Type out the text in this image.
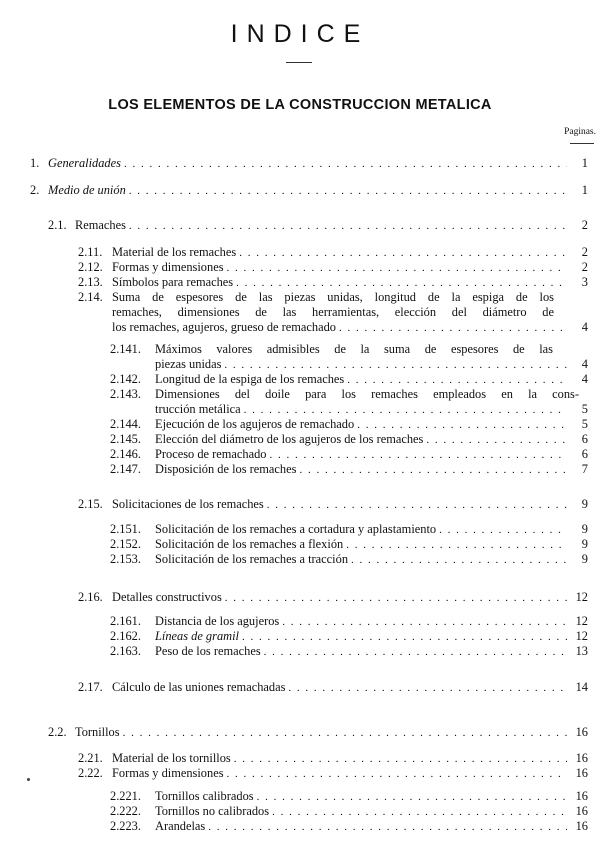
INDICE
LOS ELEMENTOS DE LA CONSTRUCCION METALICA
Paginas.
1. Generalidades . . .	1
2. Medio de unión . . .	1
2.1. Remaches . . .	2
2.11. Material de los remaches . . .	2
2.12. Formas y dimensiones . . .	2
2.13. Símbolos para remaches . . .	3
2.14. Suma de espesores de las piezas unidas, longitud de la espiga de los
remaches, dimensiones de las herramientas, elección del diámetro de
los remaches, agujeros, grueso de remachado . . .	4
2.141.	Máximos valores admisibles de la suma de espesores de las
piezas unidas . . .	4
2.142.	Longitud de la espiga de los remaches . . .	4
2.143.	Dimensiones del doile para los remaches empleados en la cons-
trucción metálica . . .	5
2.144.	Ejecución de los agujeros de remachado . . .	5
2.145.	Elección del diámetro de los agujeros de los remaches . . .	6
2.146.	Proceso de remachado . . .	6
2.147.	Disposición de los remaches . . .	7
2.15. Solicitaciones de los remaches . . .	9
2.151.	Solicitación de los remaches a cortadura y aplastamiento . . .	9
2.152.	Solicitación de los remaches a flexión . . .	9
2.153.	Solicitación de los remaches a tracción . . .	9
2.16. Detalles constructivos . . .	12
2.161.	Distancia de los agujeros . . .	12
2.162.	Líneas de gramil . . .	12
2.163.	Peso de los remaches . . .	13
2.17. Cálculo de las uniones remachadas . . .	14
2.2. Tornillos . . .	16
2.21. Material de los tornillos . . .	16
2.22. Formas y dimensiones . . .	16
2.221.	Tornillos calibrados . . .	16
2.222.	Tornillos no calibrados . . .	16
2.223.	Arandelas . . .	16
